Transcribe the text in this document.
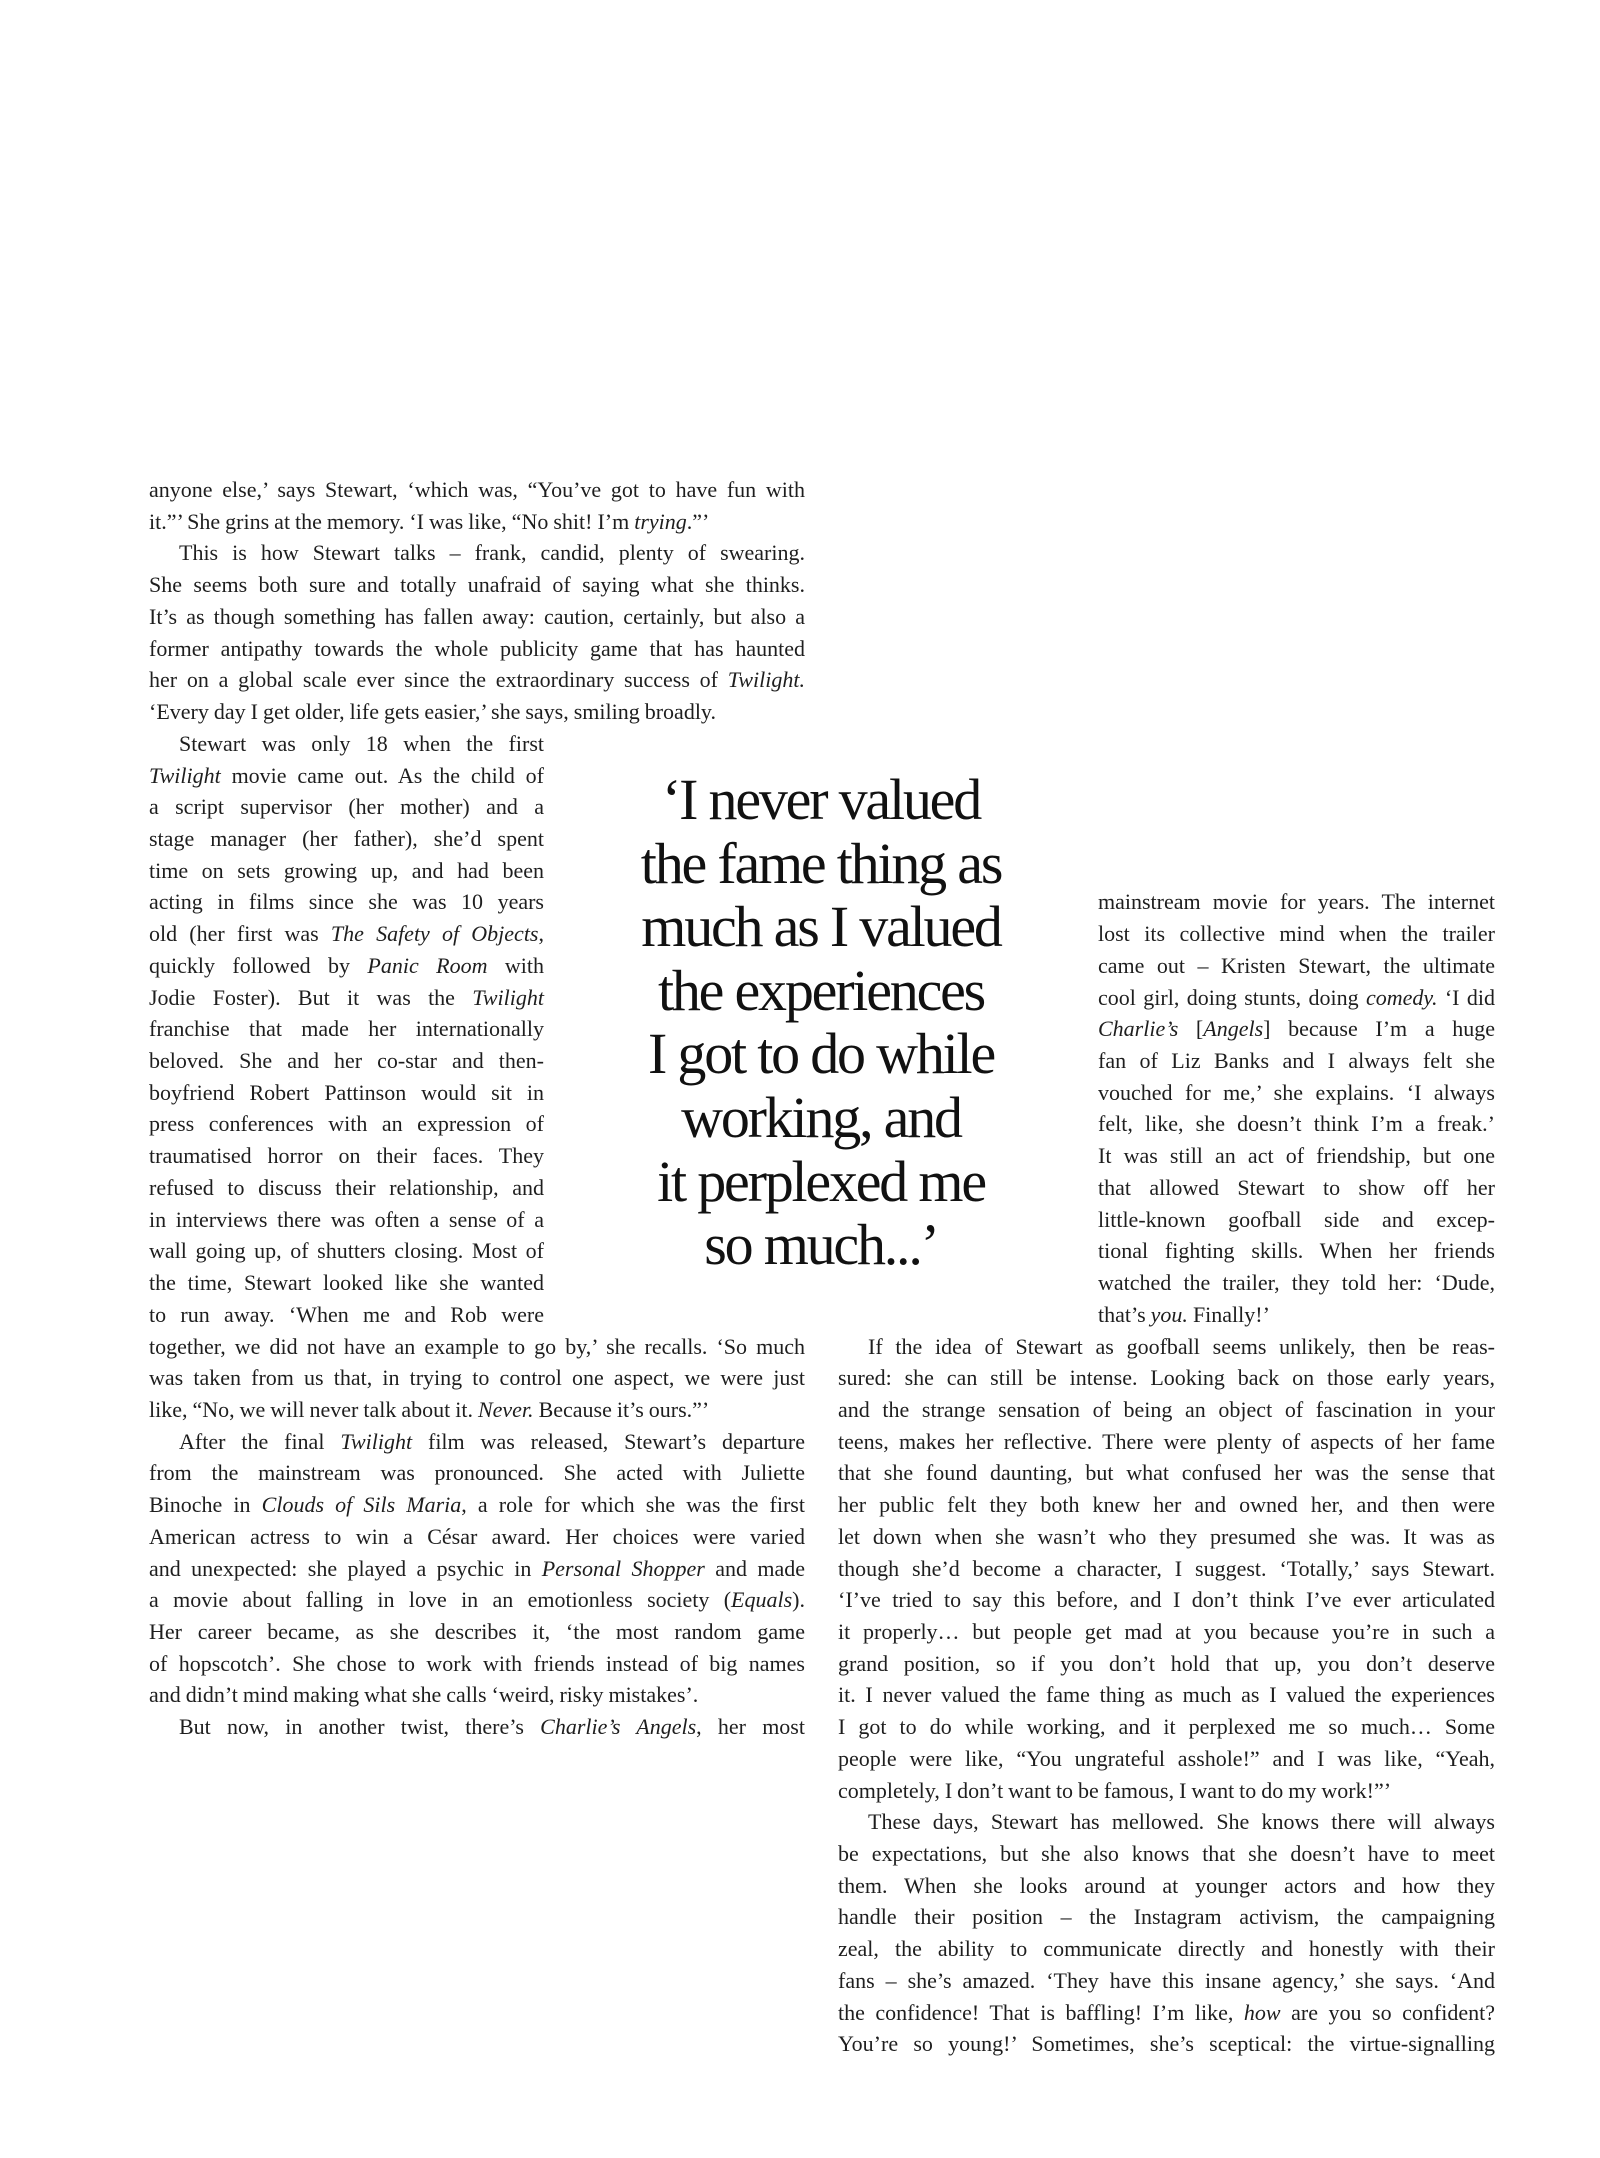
anyone else,’ says Stewart, ‘which was, “You’ve got to have fun with
it.”’ She grins at the memory. ‘I was like, “No shit! I’m trying.”’
This is how Stewart talks – frank, candid, plenty of swearing.
She seems both sure and totally unafraid of saying what she thinks.
It’s as though something has fallen away: caution, certainly, but also a
former antipathy towards the whole publicity game that has haunted
her on a global scale ever since the extraordinary success of Twilight.
‘Every day I get older, life gets easier,’ she says, smiling broadly.
Stewart was only 18 when the first
Twilight movie came out. As the child of
a script supervisor (her mother) and a
stage manager (her father), she’d spent
time on sets growing up, and had been
acting in films since she was 10 years
old (her first was The Safety of Objects,
quickly followed by Panic Room with
Jodie Foster). But it was the Twilight
franchise that made her internationally
beloved. She and her co-star and then-
boyfriend Robert Pattinson would sit in
press conferences with an expression of
traumatised horror on their faces. They
refused to discuss their relationship, and
in interviews there was often a sense of a
wall going up, of shutters closing. Most of
the time, Stewart looked like she wanted
to run away. ‘When me and Rob were
together, we did not have an example to go by,’ she recalls. ‘So much
was taken from us that, in trying to control one aspect, we were just
like, “No, we will never talk about it. Never. Because it’s ours.”’
After the final Twilight film was released, Stewart’s departure
from the mainstream was pronounced. She acted with Juliette
Binoche in Clouds of Sils Maria, a role for which she was the first
American actress to win a César award. Her choices were varied
and unexpected: she played a psychic in Personal Shopper and made
a movie about falling in love in an emotionless society (Equals).
Her career became, as she describes it, ‘the most random game
of hopscotch’. She chose to work with friends instead of big names
and didn’t mind making what she calls ‘weird, risky mistakes’.
But now, in another twist, there’s Charlie’s Angels, her most
mainstream movie for years. The internet
lost its collective mind when the trailer
came out – Kristen Stewart, the ultimate
cool girl, doing stunts, doing comedy. ‘I did
Charlie’s [Angels] because I’m a huge
fan of Liz Banks and I always felt she
vouched for me,’ she explains. ‘I always
felt, like, she doesn’t think I’m a freak.’
It was still an act of friendship, but one
that allowed Stewart to show off her
little-known goofball side and excep-
tional fighting skills. When her friends
watched the trailer, they told her: ‘Dude,
that’s you. Finally!’
If the idea of Stewart as goofball seems unlikely, then be reas-
sured: she can still be intense. Looking back on those early years,
and the strange sensation of being an object of fascination in your
teens, makes her reflective. There were plenty of aspects of her fame
that she found daunting, but what confused her was the sense that
her public felt they both knew her and owned her, and then were
let down when she wasn’t who they presumed she was. It was as
though she’d become a character, I suggest. ‘Totally,’ says Stewart.
‘I’ve tried to say this before, and I don’t think I’ve ever articulated
it properly… but people get mad at you because you’re in such a
grand position, so if you don’t hold that up, you don’t deserve
it. I never valued the fame thing as much as I valued the experiences
I got to do while working, and it perplexed me so much… Some
people were like, “You ungrateful asshole!” and I was like, “Yeah,
completely, I don’t want to be famous, I want to do my work!”’
These days, Stewart has mellowed. She knows there will always
be expectations, but she also knows that she doesn’t have to meet
them. When she looks around at younger actors and how they
handle their position – the Instagram activism, the campaigning
zeal, the ability to communicate directly and honestly with their
fans – she’s amazed. ‘They have this insane agency,’ she says. ‘And
the confidence! That is baffling! I’m like, how are you so confident?
You’re so young!’ Sometimes, she’s sceptical: the virtue-signalling
‘I never valued
the fame thing as
much as I valued
the experiences
I got to do while
working, and
it perplexed me
so much...’
